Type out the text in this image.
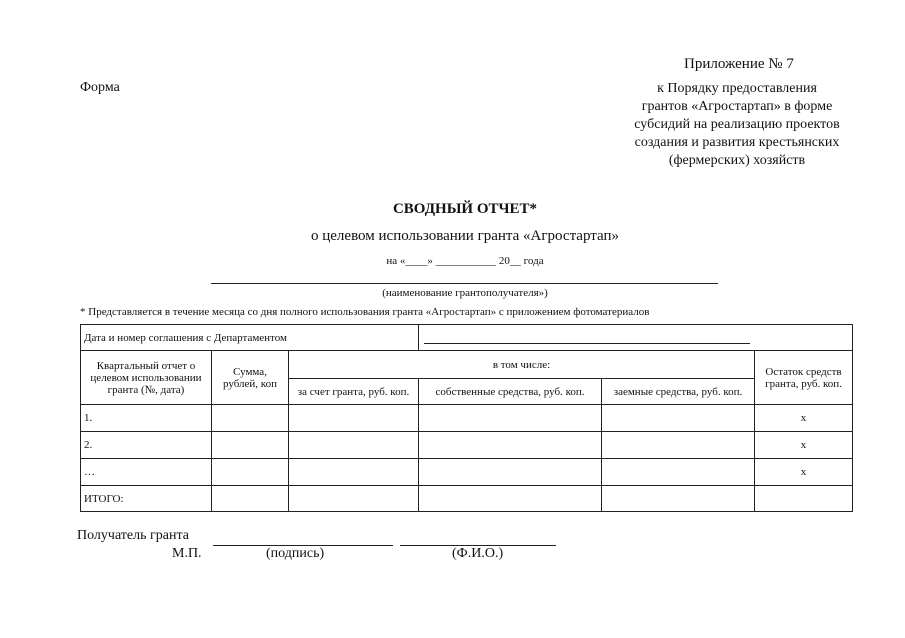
Приложение № 7
Форма	к Порядку предоставления
грантов «Агростартап» в форме
субсидий на реализацию проектов
создания и развития крестьянских
(фермерских) хозяйств
СВОДНЫЙ ОТЧЕТ*
о целевом использовании гранта «Агростартап»
на «____» ___________ 20__ года
(наименование грантополучателя»)
* Представляется в течение месяца со дня полного использования гранта «Агростартап» с приложением фотоматериалов
Дата и номер соглашения с Департаментом					

Квартальный отчет о целевом использовании гранта (№, дата)	Сумма, рублей, коп	в том числе:			Остаток средств гранта, руб. коп.
		за счет гранта, руб. коп.	собственные средства, руб. коп.	заемные средства, руб. коп.	
1.					х
2.					х
…					х
ИТОГО:					
Получатель гранта
М.П.	(подпись)	(Ф.И.О.)
